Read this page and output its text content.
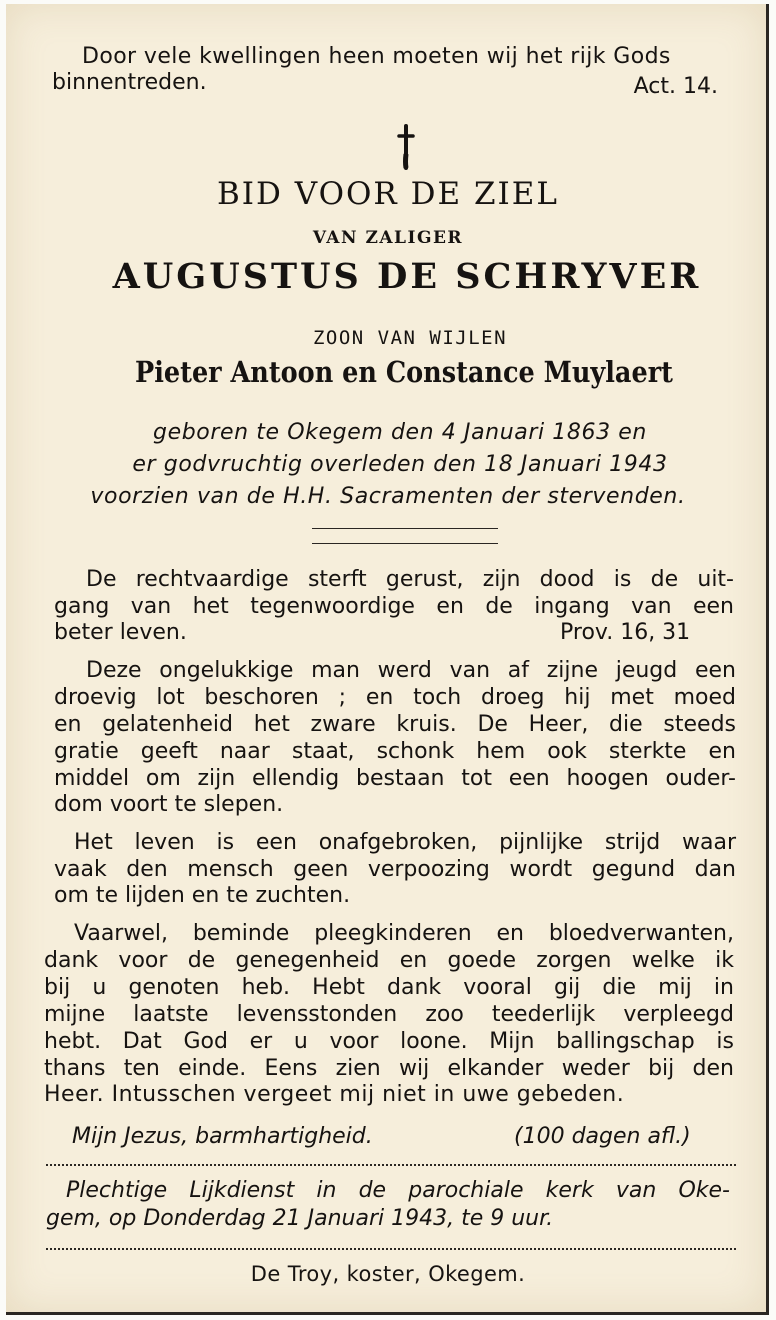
Door vele kwellingen heen moeten wij het rijk Gods
binnentreden.	Act. 14.
BID VOOR DE ZIEL
VAN ZALIGER
AUGUSTUS DE SCHRYVER
ZOON VAN WIJLEN
Pieter Antoon en Constance Muylaert
geboren te Okegem den 4 Januari 1863 en
er godvruchtig overleden den 18 Januari 1943
voorzien van de H.H. Sacramenten der stervenden.
De rechtvaardige sterft gerust, zijn dood is de uit-
gang van het tegenwoordige en de ingang van een
beter leven.	Prov. 16, 31
Deze ongelukkige man werd van af zijne jeugd een
droevig lot beschoren ; en toch droeg hij met moed
en gelatenheid het zware kruis. De Heer, die steeds
gratie geeft naar staat, schonk hem ook sterkte en
middel om zijn ellendig bestaan tot een hoogen ouder-
dom voort te slepen.
Het leven is een onafgebroken, pijnlijke strijd waar
vaak den mensch geen verpoozing wordt gegund dan
om te lijden en te zuchten.
Vaarwel, beminde pleegkinderen en bloedverwanten,
dank voor de genegenheid en goede zorgen welke ik
bij u genoten heb. Hebt dank vooral gij die mij in
mijne laatste levensstonden zoo teederlijk verpleegd
hebt. Dat God er u voor loone. Mijn ballingschap is
thans ten einde. Eens zien wij elkander weder bij den
Heer. Intusschen vergeet mij niet in uwe gebeden.
Mijn Jezus, barmhartigheid.	(100 dagen afl.)
Plechtige Lijkdienst in de parochiale kerk van Oke-
gem, op Donderdag 21 Januari 1943, te 9 uur.
De Troy, koster, Okegem.
